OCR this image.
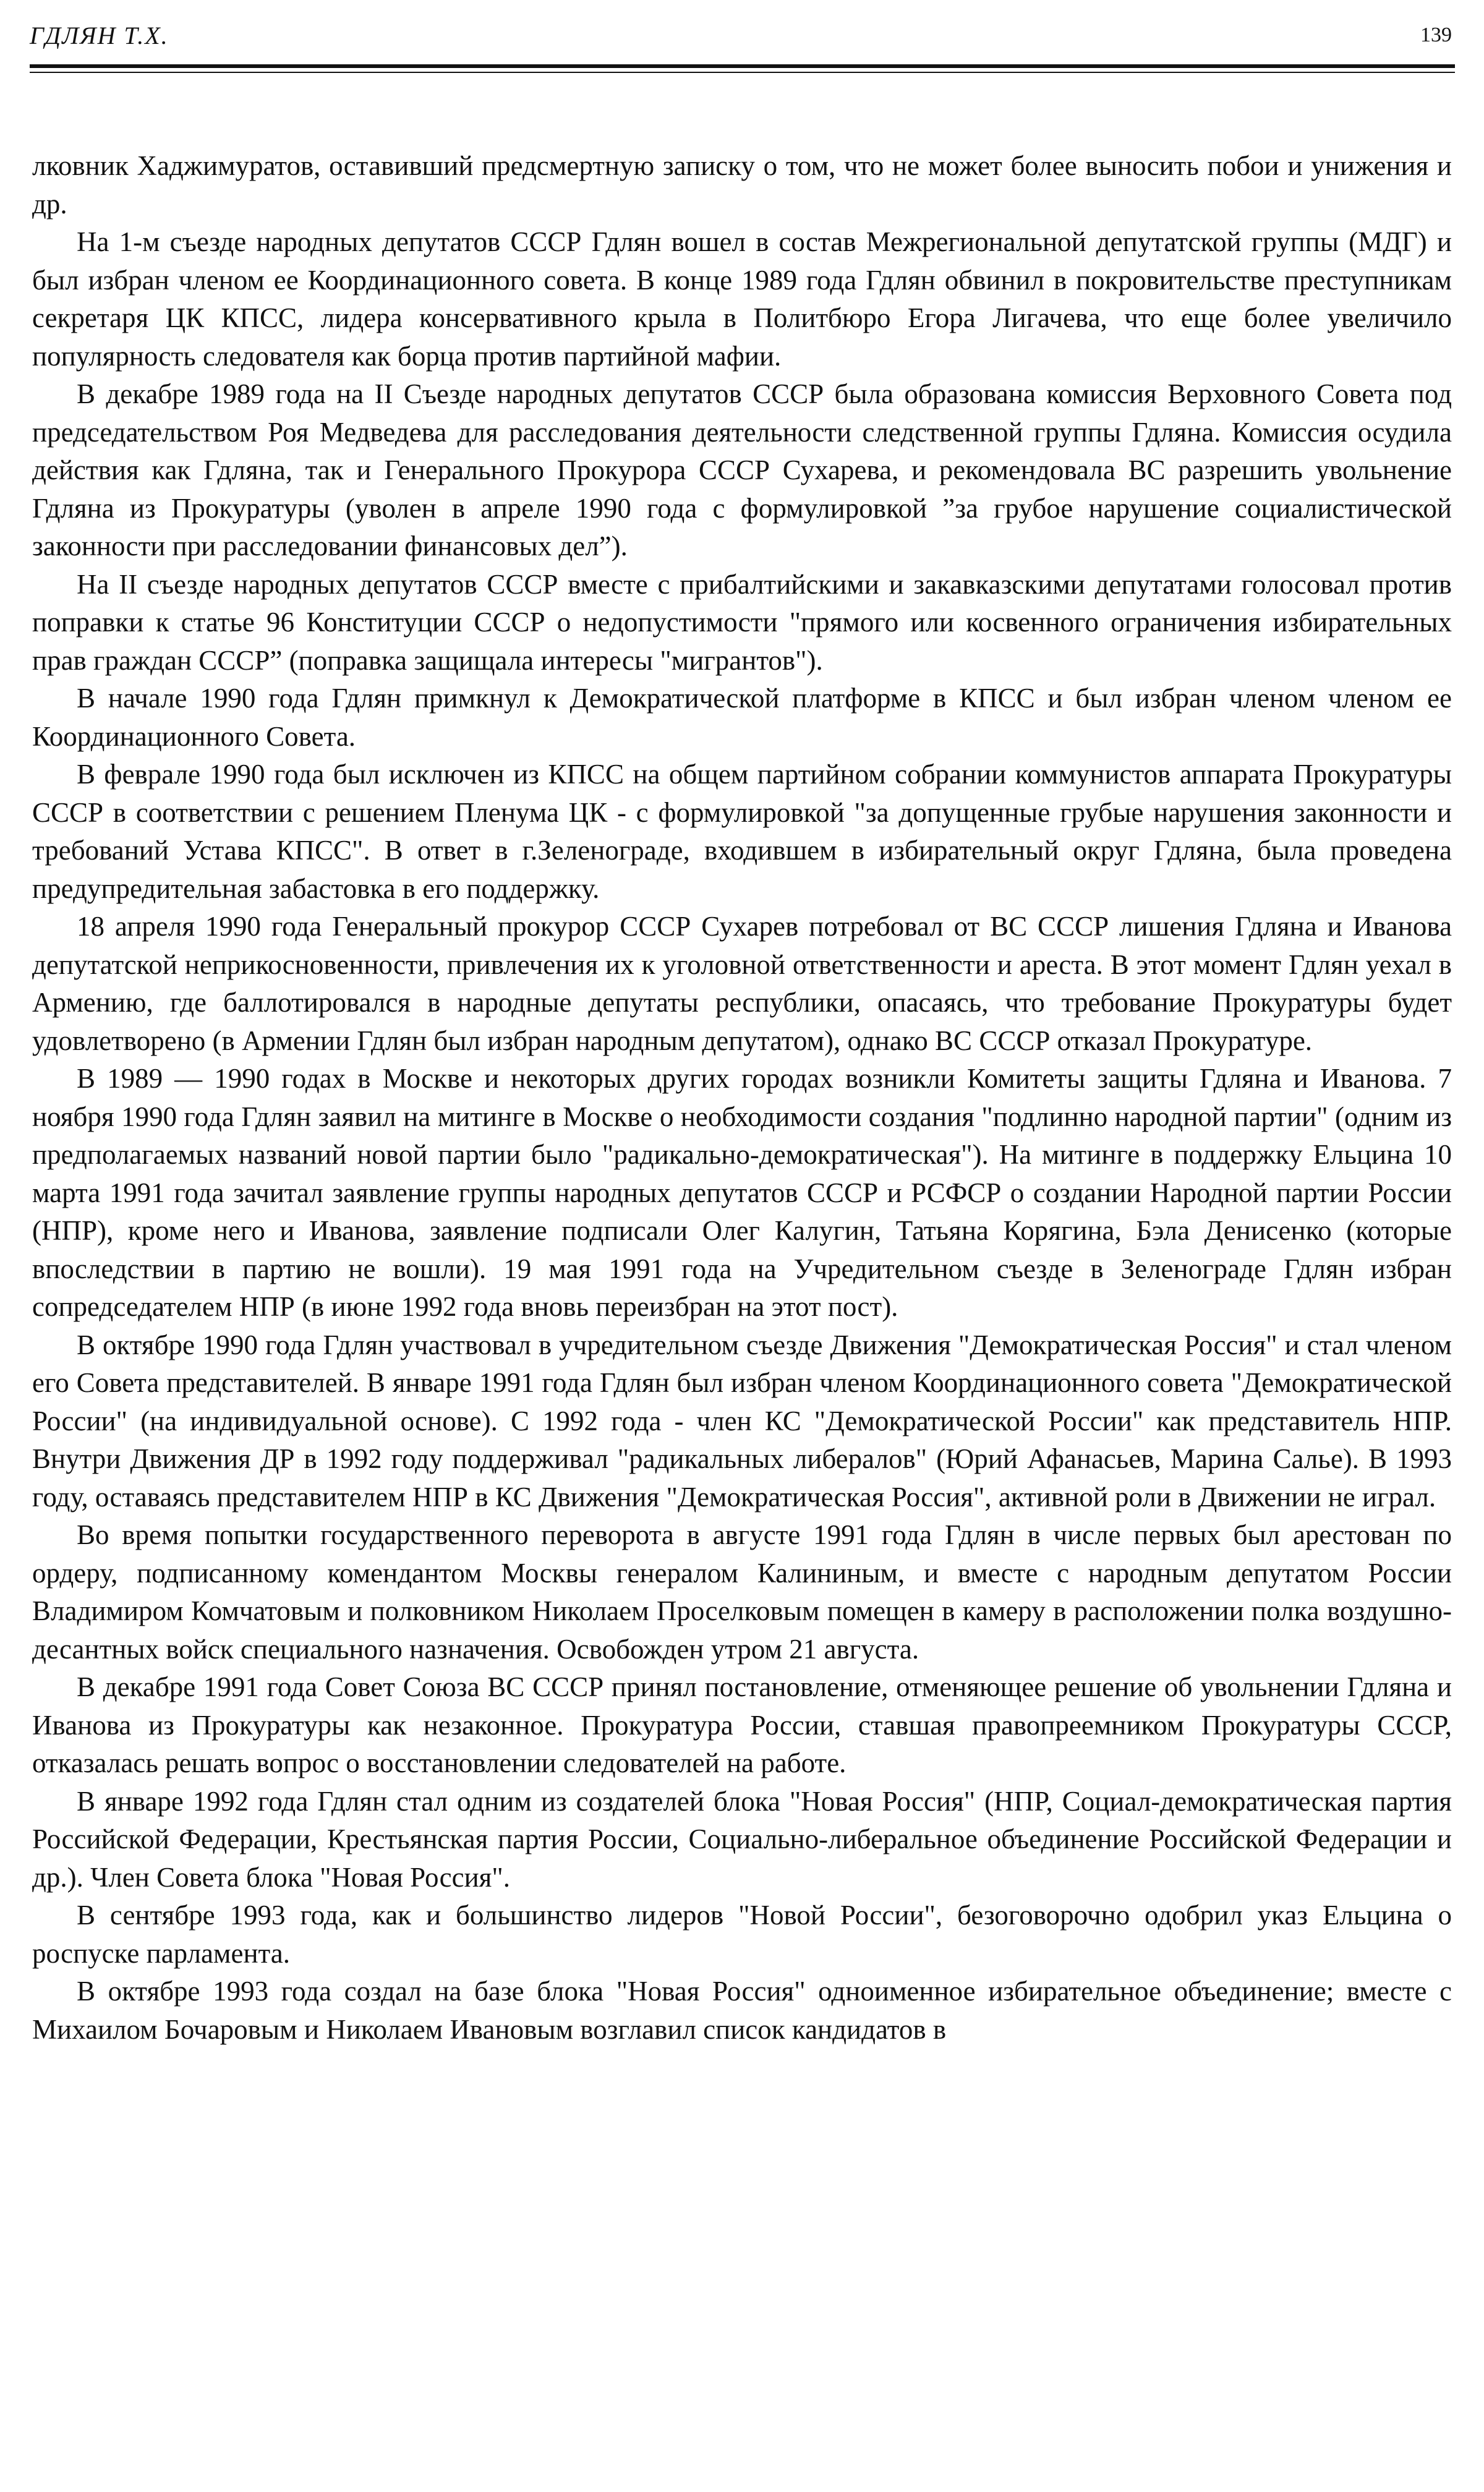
ГДЛЯН Т.Х.	139

лковник Хаджимуратов, оставивший предсмертную записку о том, что не может более выносить побои и унижения и др.

На 1-м съезде народных депутатов СССР Гдлян вошел в состав Межрегиональной депутатской группы (МДГ) и был избран членом ее Координационного совета. В конце 1989 года Гдлян обвинил в покровительстве преступникам секретаря ЦК КПСС, лидера консервативного крыла в Политбюро Егора Лигачева, что еще более увеличило популярность следователя как борца против партийной мафии.

В декабре 1989 года на II Съезде народных депутатов СССР была образована комиссия Верховного Совета под председательством Роя Медведева для расследования деятельности следственной группы Гдляна. Комиссия осудила действия как Гдляна, так и Генерального Прокурора СССР Сухарева, и рекомендовала ВС разрешить увольнение Гдляна из Прокуратуры (уволен в апреле 1990 года с формулировкой ”за грубое нарушение социалистической законности при расследовании финансовых дел”).

На II съезде народных депутатов СССР вместе с прибалтийскими и закавказскими депутатами голосовал против поправки к статье 96 Конституции СССР о недопустимости "прямого или косвенного ограничения избирательных прав граждан СССР” (поправка защищала интересы "мигрантов").

В начале 1990 года Гдлян примкнул к Демократической платформе в КПСС и был избран членом членом ее Координационного Совета.

В феврале 1990 года был исключен из КПСС на общем партийном собрании коммунистов аппарата Прокуратуры СССР в соответствии с решением Пленума ЦК - с формулировкой "за допущенные грубые нарушения законности и требований Устава КПСС". В ответ в г.Зеленограде, входившем в избирательный округ Гдляна, была проведена предупредительная забастовка в его поддержку.

18 апреля 1990 года Генеральный прокурор СССР Сухарев потребовал от ВС СССР лишения Гдляна и Иванова депутатской неприкосновенности, привлечения их к уголовной ответственности и ареста. В этот момент Гдлян уехал в Армению, где баллотировался в народные депутаты республики, опасаясь, что требование Прокуратуры будет удовлетворено (в Армении Гдлян был избран народным депутатом), однако ВС СССР отказал Прокуратуре.

В 1989 — 1990 годах в Москве и некоторых других городах возникли Комитеты защиты Гдляна и Иванова. 7 ноября 1990 года Гдлян заявил на митинге в Москве о необходимости создания "подлинно народной партии" (одним из предполагаемых названий новой партии было "радикально-демократическая"). На митинге в поддержку Ельцина 10 марта 1991 года зачитал заявление группы народных депутатов СССР и РСФСР о создании Народной партии России (НПР), кроме него и Иванова, заявление подписали Олег Калугин, Татьяна Корягина, Бэла Денисенко (которые впоследствии в партию не вошли). 19 мая 1991 года на Учредительном съезде в Зеленограде Гдлян избран сопредседателем НПР (в июне 1992 года вновь переизбран на этот пост).

В октябре 1990 года Гдлян участвовал в учредительном съезде Движения "Демократическая Россия" и стал членом его Совета представителей. В январе 1991 года Гдлян был избран членом Координационного совета "Демократической России" (на индивидуальной основе). С 1992 года - член КС "Демократической России" как представитель НПР. Внутри Движения ДР в 1992 году поддерживал "радикальных либералов" (Юрий Афанасьев, Марина Салье). В 1993 году, оставаясь представителем НПР в КС Движения "Демократическая Россия", активной роли в Движении не играл.

Во время попытки государственного переворота в августе 1991 года Гдлян в числе первых был арестован по ордеру, подписанному комендантом Москвы генералом Калининым, и вместе с народным депутатом России Владимиром Комчатовым и полковником Николаем Проселковым помещен в камеру в расположении полка воздушно-десантных войск специального назначения. Освобожден утром 21 августа.

В декабре 1991 года Совет Союза ВС СССР принял постановление, отменяющее решение об увольнении Гдляна и Иванова из Прокуратуры как незаконное. Прокуратура России, ставшая правопреемником Прокуратуры СССР, отказалась решать вопрос о восстановлении следователей на работе.

В январе 1992 года Гдлян стал одним из создателей блока "Новая Россия" (НПР, Социал-демократическая партия Российской Федерации, Крестьянская партия России, Социально-либеральное объединение Российской Федерации и др.). Член Совета блока "Новая Россия".

В сентябре 1993 года, как и большинство лидеров "Новой России", безоговорочно одобрил указ Ельцина о роспуске парламента.

В октябре 1993 года создал на базе блока "Новая Россия" одноименное избирательное объединение; вместе с Михаилом Бочаровым и Николаем Ивановым возглавил список кандидатов в
